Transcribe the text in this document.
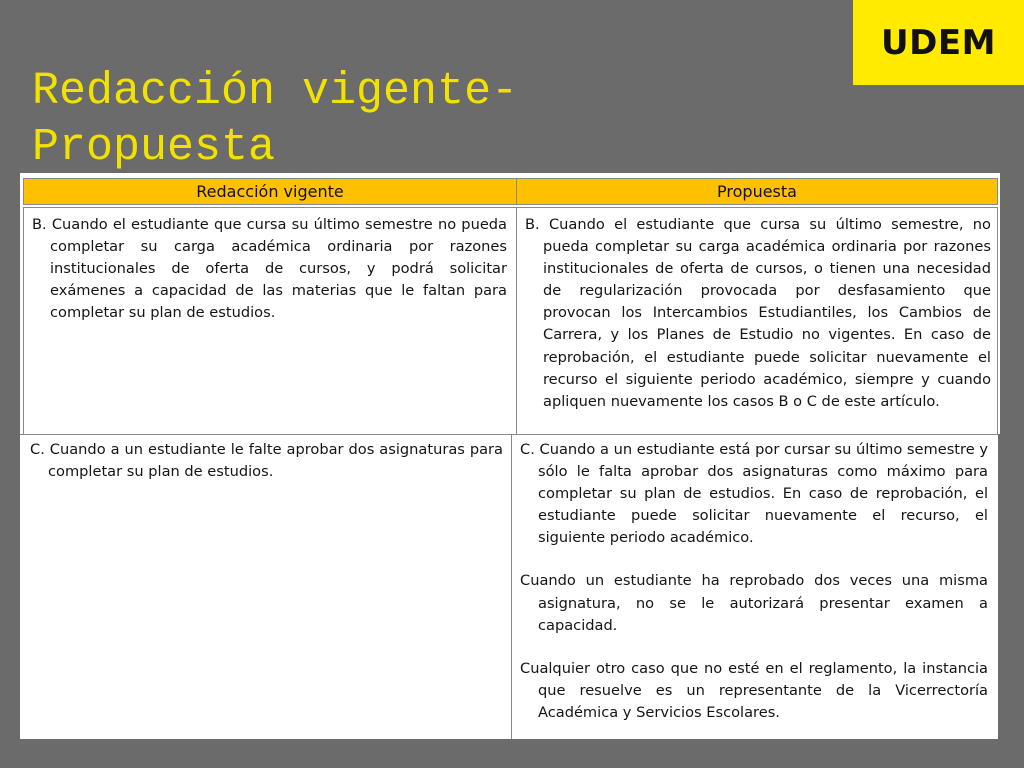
UDEM
Redacción vigente-
Propuesta
Redacción vigente	Propuesta

B. Cuando el estudiante que cursa su último semestre no pueda completar su carga académica ordinaria por razones institucionales de oferta de cursos, y podrá solicitar exámenes a capacidad de las materias que le faltan para completar su plan de estudios.

B. Cuando el estudiante que cursa su último semestre, no pueda completar su carga académica ordinaria por razones institucionales de oferta de cursos, o tienen una necesidad de regularización provocada por desfasamiento que provocan los Intercambios Estudiantiles, los Cambios de Carrera, y los Planes de Estudio no vigentes. En caso de reprobación, el estudiante puede solicitar nuevamente el recurso el siguiente periodo académico, siempre y cuando apliquen nuevamente los casos B o C de este artículo.

C. Cuando a un estudiante le falte aprobar dos asignaturas para completar su plan de estudios.

C. Cuando a un estudiante está por cursar su último semestre y sólo le falta aprobar dos asignaturas como máximo para completar su plan de estudios. En caso de reprobación, el estudiante puede solicitar nuevamente el recurso, el siguiente periodo académico.

Cuando un estudiante ha reprobado dos veces una misma asignatura, no se le autorizará presentar examen a capacidad.

Cualquier otro caso que no esté en el reglamento, la instancia que resuelve es un representante de la Vicerrectoría Académica y Servicios Escolares.
